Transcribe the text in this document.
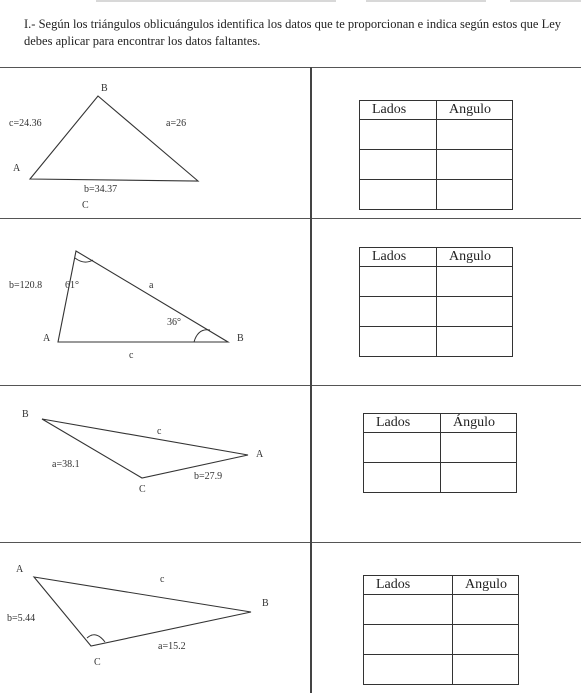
I.- Según los triángulos oblicuángulos identifica los datos que te proporcionan e indica según estos que Ley debes aplicar para encontrar los datos faltantes.
B
c=24.36	a=26
A
b=34.37
C
b=120.8 61°	a
36°
A	B
c
B
c
A
a=38.1
b=27.9
C
A
c
B
b=5.44
a=15.2
C
Lados	Angulo

Lados	Angulo

Lados	Ángulo

Lados	Angulo
